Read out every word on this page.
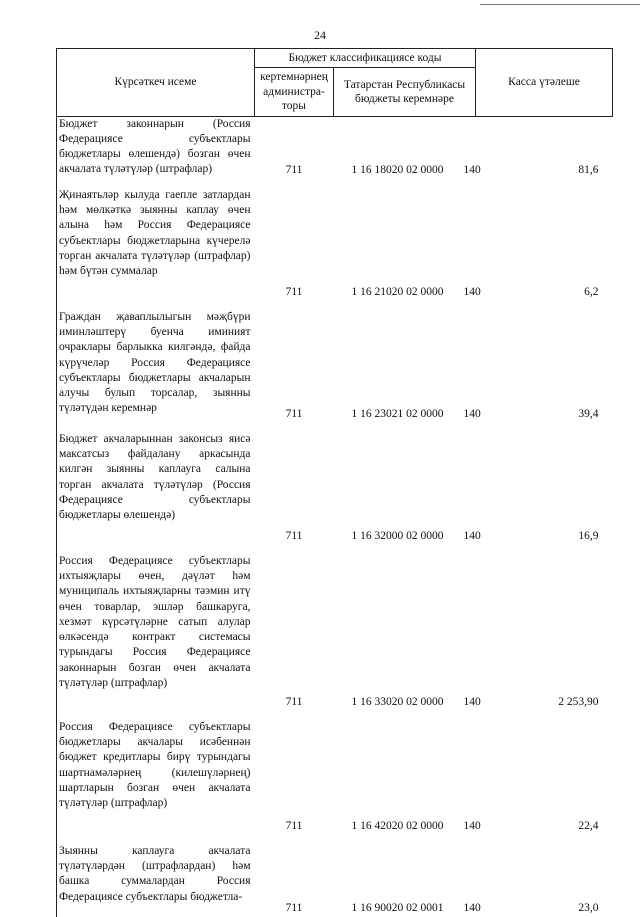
24
Күрсәткеч исеме	Бюджет классификациясе коды		Касса үтәлеше
	кертемнәрнең администра-торы	Татарстан Республикасы бюджеты керемнәре	

Бюджет законнарын (Россия Федерациясе субъектлары бюджетлары өлешендә) бозган өчен акчалата түләтүләр (штрафлар)	711	1 16 18020 02 0000 140	81,6

Җинаятьләр кылуда гаепле затлардан һәм мөлкәткә зыянны каплау өчен алына һәм Россия Федерациясе субъектлары бюджетларына күчерелә торган акчалата түләтүләр (штрафлар) һәм бүтән суммалар	711	1 16 21020 02 0000 140	6,2

Граждан җаваплылыгын мәҗбүри иминләштерү буенча иминият очраклары барлыкка килгәндә, файда күрүчеләр Россия Федерациясе субъектлары бюджетлары акчаларын алучы булып торсалар, зыянны түләтүдән керемнәр	711	1 16 23021 02 0000 140	39,4

Бюджет акчаларыннан законсыз яисә максатсыз файдалану аркасында килгән зыянны каплауга салына торган акчалата түләтүләр (Россия Федерациясе субъектлары бюджетлары өлешендә)	711	1 16 32000 02 0000 140	16,9

Россия Федерациясе субъектлары ихтыяҗлары өчен, дәүләт һәм муниципаль ихтыяҗларны тәэмин итү өчен товарлар, эшләр башкаруга, хезмәт күрсәтүләрне сатып алулар өлкәсендә контракт системасы турындагы Россия Федерациясе законнарын бозган өчен акчалата түләтүләр (штрафлар)	711	1 16 33020 02 0000 140	2 253,90

Россия Федерациясе субъектлары бюджетлары акчалары исәбеннән бюджет кредитлары бирү турындагы шартнамәләрнең (килешүләрнең) шартларын бозган өчен акчалата түләтүләр (штрафлар)	711	1 16 42020 02 0000 140	22,4

Зыянны каплауга акчалата түләтүләрдән (штрафлардан) һәм башка суммалардан Россия Федерациясе субъектлары бюджетла-	711	1 16 90020 02 0001 140	23,0
